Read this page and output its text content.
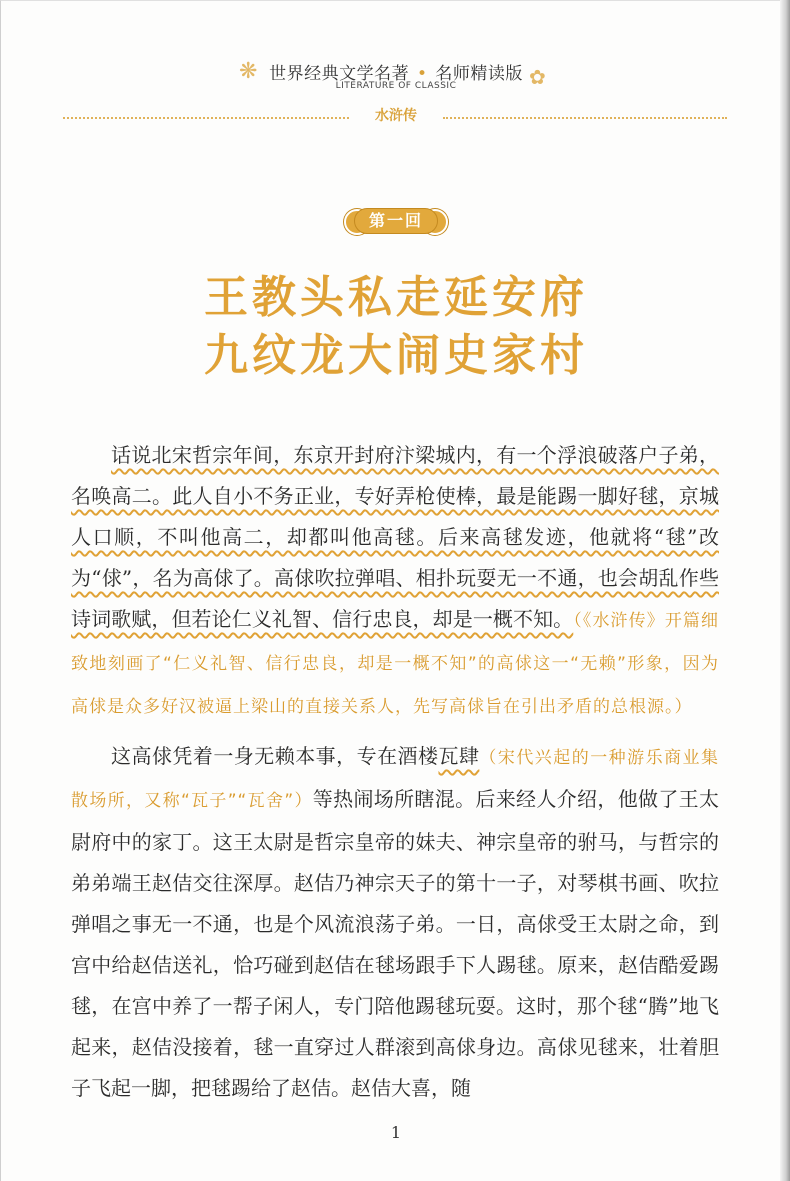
❋ 世界经典文学名著 • 名师精读版
LITERATURE OF CLASSIC	✿
水浒传
第一回
王教头私走延安府
九纹龙大闹史家村

话说北宋哲宗年间，东京开封府汴梁城内，有一个浮浪破落户子弟，名唤高二。此人自小不务正业，专好弄枪使棒，最是能踢一脚好毬，京城人口顺，不叫他高二，却都叫他高毬。后来高毬发迹，他就将“毬”改为“俅”，名为高俅了。高俅吹拉弹唱、相扑玩耍无一不通，也会胡乱作些诗词歌赋，但若论仁义礼智、信行忠良，却是一概不知。（《水浒传》开篇细致地刻画了“仁义礼智、信行忠良，却是一概不知”的高俅这一“无赖”形象，因为高俅是众多好汉被逼上梁山的直接关系人，先写高俅旨在引出矛盾的总根源。）

这高俅凭着一身无赖本事，专在酒楼瓦肆（宋代兴起的一种游乐商业集散场所，又称“瓦子”“瓦舍”）等热闹场所瞎混。后来经人介绍，他做了王太尉府中的家丁。这王太尉是哲宗皇帝的妹夫、神宗皇帝的驸马，与哲宗的弟弟端王赵佶交往深厚。赵佶乃神宗天子的第十一子，对琴棋书画、吹拉弹唱之事无一不通，也是个风流浪荡子弟。一日，高俅受王太尉之命，到宫中给赵佶送礼，恰巧碰到赵佶在毬场跟手下人踢毬。原来，赵佶酷爱踢毬，在宫中养了一帮子闲人，专门陪他踢毬玩耍。这时，那个毬“腾”地飞起来，赵佶没接着，毬一直穿过人群滚到高俅身边。高俅见毬来，壮着胆子飞起一脚，把毬踢给了赵佶。赵佶大喜，随

1
